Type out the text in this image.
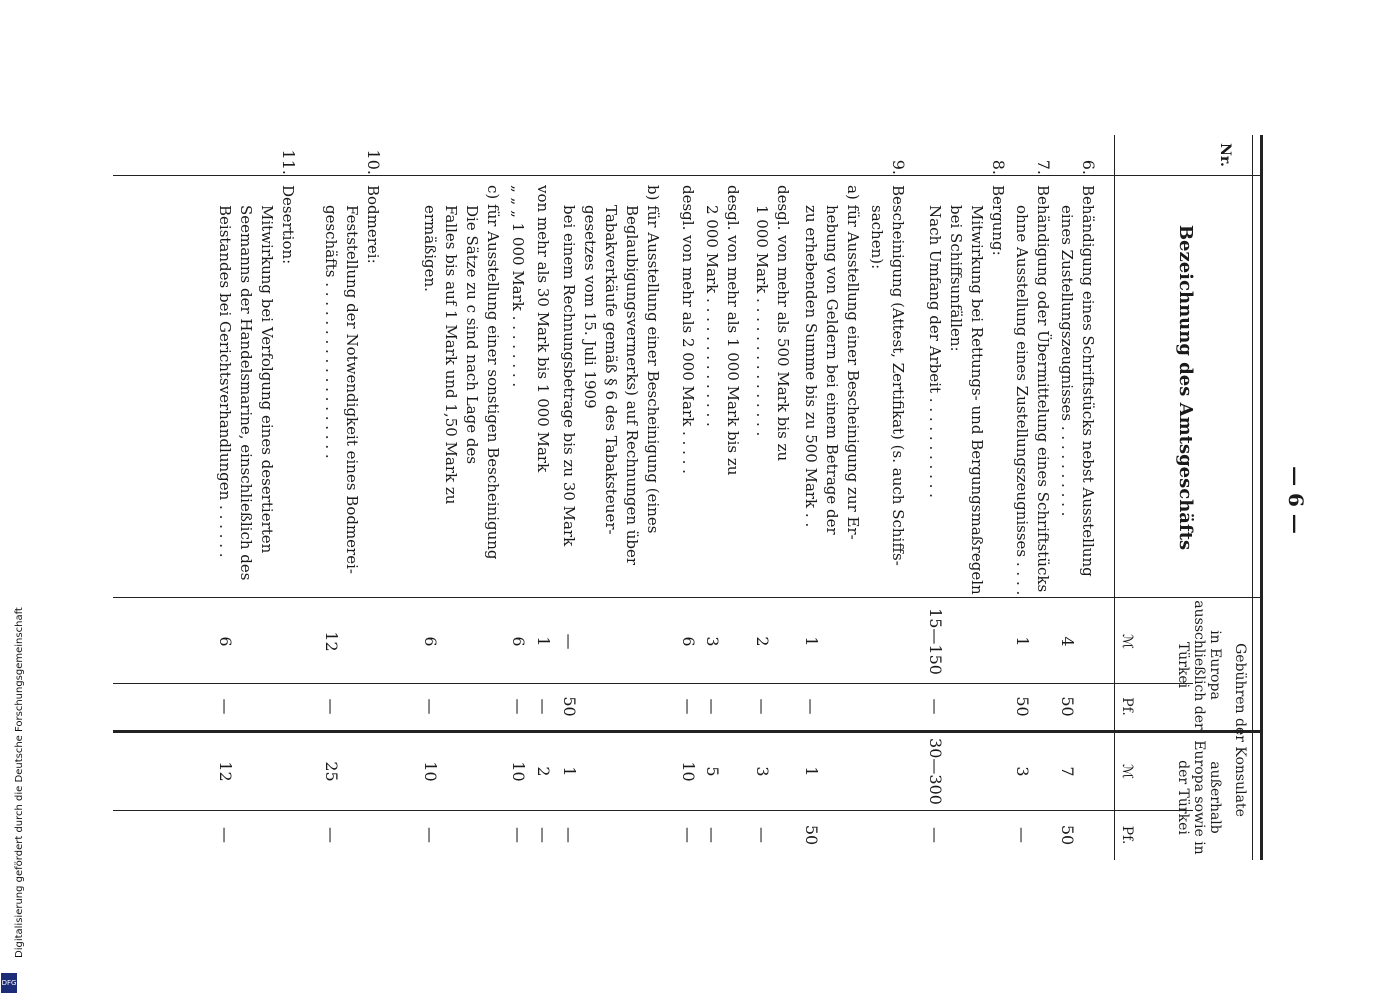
— 6 —
Nr.
Bezeichnung des Amtsgeschäfts
Gebühren der Konsulate
in Europa ausschließlich der Türkei
außerhalb Europa sowie in der Türkei
ℳ
Pf.
ℳ
Pf.
6.
Behändigung eines Schriftstücks nebst Ausstellung
eines Zustellungszeugnisses . . . . . . . . . .
4
50
7
50
7.
Behändigung oder Übermittelung eines Schriftstücks
ohne Ausstellung eines Zustellungszeugnisses . . . .
1
50
3
—
8.
Bergung:
Mitwirkung bei Rettungs- und Bergungsmaßregeln
bei Schiffsunfällen:
Nach Umfang der Arbeit . . . . . . . . . . .
15—150
—
30—300
—
9.
Bescheinigung (Attest, Zertifikat) (s. auch Schiffs-
sachen):
a) für Ausstellung einer Bescheinigung zur Er-
hebung von Geldern bei einem Betrage der
zu erhebenden Summe bis zu 500 Mark . .
1
—
1
50
desgl. von mehr als 500 Mark bis zu
1 000 Mark . . . . . . . . . . . . . . .
2
—
3
—
desgl. von mehr als 1 000 Mark bis zu
2 000 Mark . . . . . . . . . . . . . .
3
—
5
—
desgl. von mehr als 2 000 Mark . . . . .
6
—
10
—
b) für Ausstellung einer Bescheinigung (eines
Beglaubigungsvermerks) auf Rechnungen über
Tabakverkäufe gemäß § 6 des Tabaksteuer-
gesetzes vom 15. Juli 1909
bei einem Rechnungsbetrage bis zu 30 Mark
—
50
1
—
von mehr als 30 Mark bis 1 000 Mark
1
—
2
—
„ „ „ 1 000 Mark . . . . . . . .
6
—
10
—
c) für Ausstellung einer sonstigen Bescheinigung
Die Sätze zu c sind nach Lage des
Falles bis auf 1 Mark und 1,50 Mark zu
ermäßigen.
6
—
10
—
10.
Bodmerei:
Feststellung der Notwendigkeit eines Bodmerei-
geschäfts . . . . . . . . . . . . . . . . . . .
12
—
25
—
11.
Desertion:
Mitwirkung bei Verfolgung eines desertierten
Seemanns der Handelsmarine, einschließlich des
Beistandes bei Gerichtsverhandlungen . . . . . .
6
—
12
—
Digitalisierung gefördert durch die Deutsche Forschungsgemeinschaft
DFG
